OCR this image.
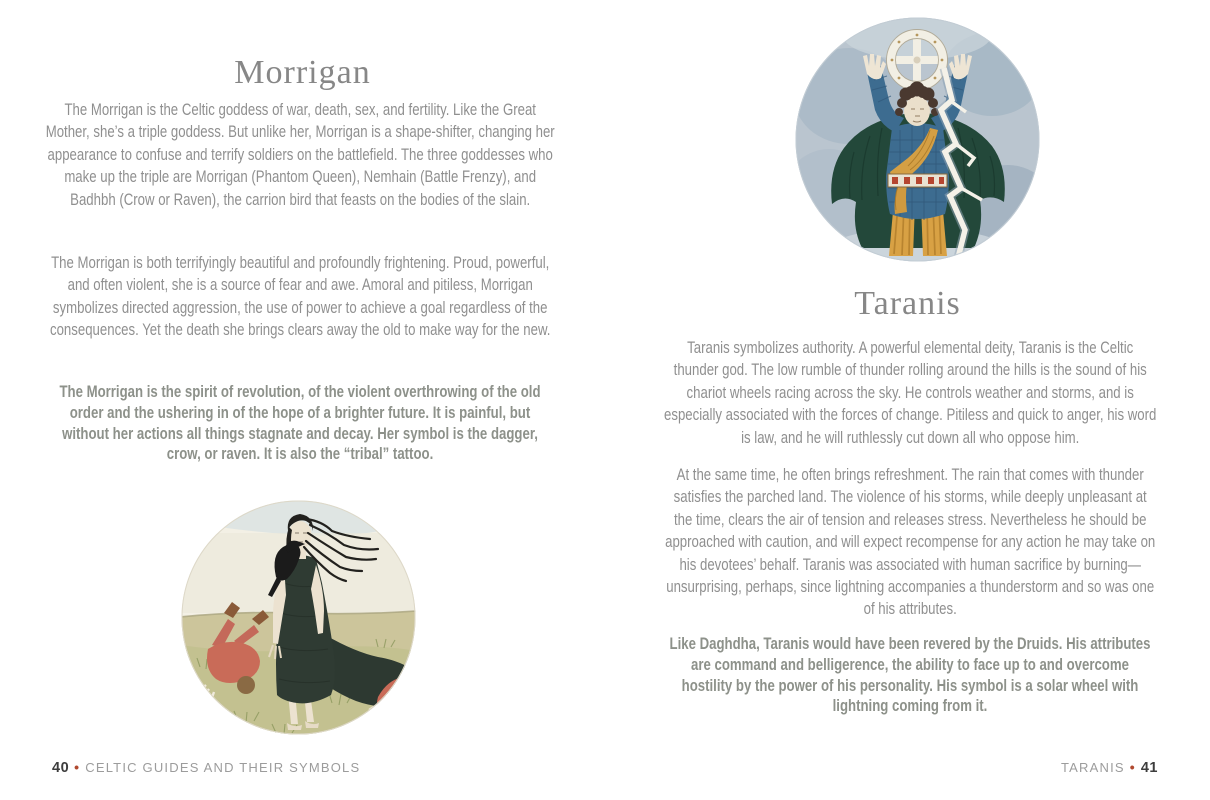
Morrigan

The Morrigan is the Celtic goddess of war, death, sex, and fertility. Like the Great Mother, she’s a triple goddess. But unlike her, Morrigan is a shape-shifter, changing her appearance to confuse and terrify soldiers on the battlefield. The three goddesses who make up the triple are Morrigan (Phantom Queen), Nemhain (Battle Frenzy), and Badhbh (Crow or Raven), the carrion bird that feasts on the bodies of the slain.

The Morrigan is both terrifyingly beautiful and profoundly frightening. Proud, powerful, and often violent, she is a source of fear and awe. Amoral and pitiless, Morrigan symbolizes directed aggression, the use of power to achieve a goal regardless of the consequences. Yet the death she brings clears away the old to make way for the new.

The Morrigan is the spirit of revolution, of the violent overthrowing of the old order and the ushering in of the hope of a brighter future. It is painful, but without her actions all things stagnate and decay. Her symbol is the dagger, crow, or raven. It is also the “tribal” tattoo.

40 • CELTIC GUIDES AND THEIR SYMBOLS
Taranis

Taranis symbolizes authority. A powerful elemental deity, Taranis is the Celtic thunder god. The low rumble of thunder rolling around the hills is the sound of his chariot wheels racing across the sky. He controls weather and storms, and is especially associated with the forces of change. Pitiless and quick to anger, his word is law, and he will ruthlessly cut down all who oppose him.

At the same time, he often brings refreshment. The rain that comes with thunder satisfies the parched land. The violence of his storms, while deeply unpleasant at the time, clears the air of tension and releases stress. Nevertheless he should be approached with caution, and will expect recompense for any action he may take on his devotees’ behalf. Taranis was associated with human sacrifice by burning—unsurprising, perhaps, since lightning accompanies a thunderstorm and so was one of his attributes.

Like Daghdha, Taranis would have been revered by the Druids. His attributes are command and belligerence, the ability to face up to and overcome hostility by the power of his personality. His symbol is a solar wheel with lightning coming from it.

TARANIS • 41
